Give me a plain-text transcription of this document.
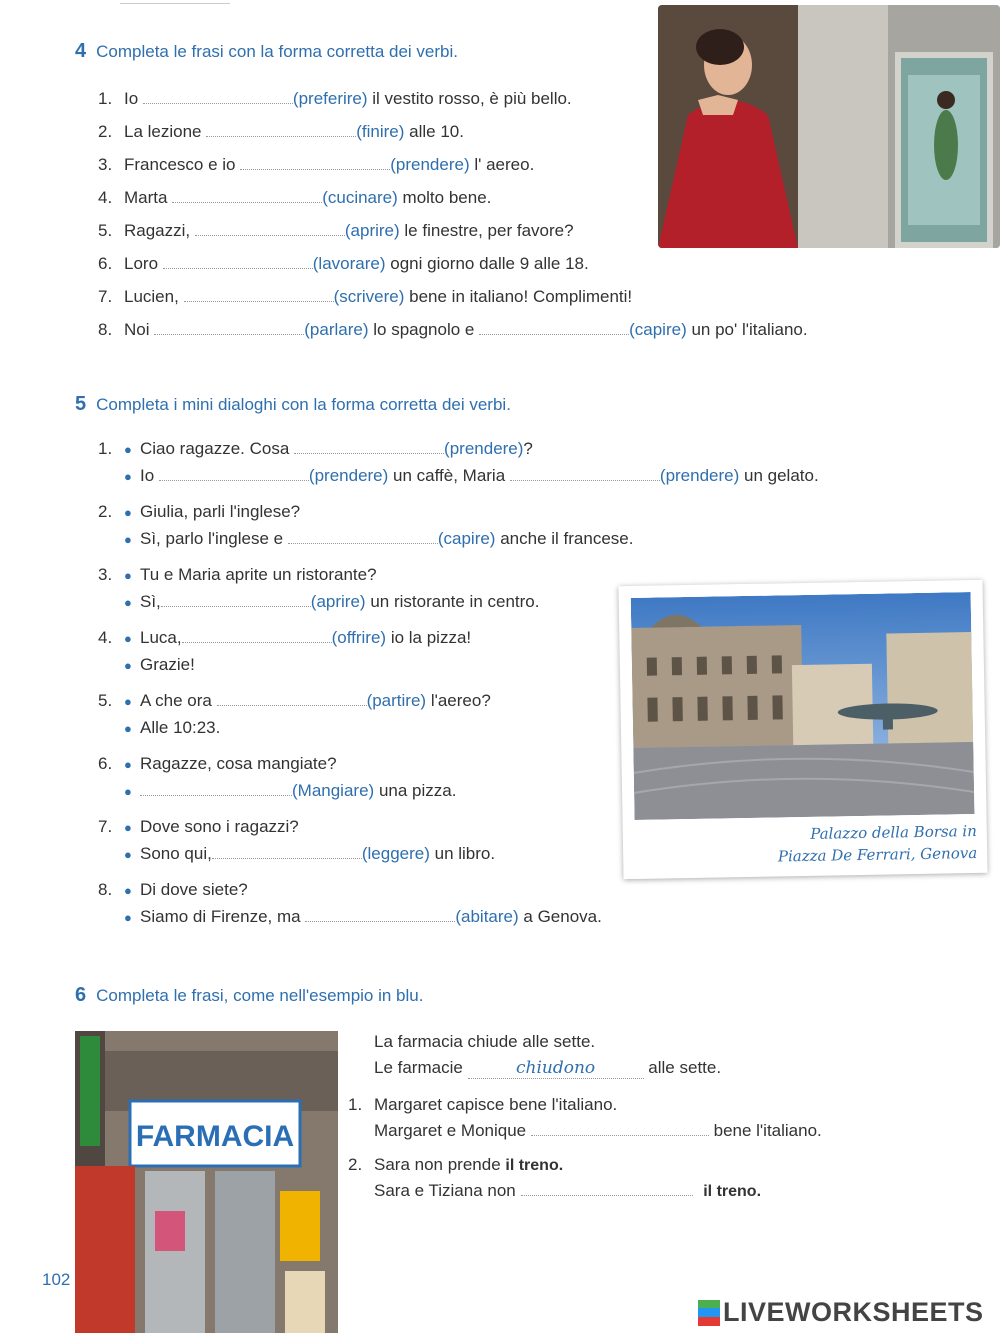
4 Completa le frasi con la forma corretta dei verbi.
1. Io	(preferire) il vestito rosso, è più bello.
2. La lezione	(finire) alle 10.
3. Francesco e io	(prendere) l' aereo.
4. Marta	(cucinare) molto bene.
5. Ragazzi,	(aprire) le finestre, per favore?
6. Loro	(lavorare) ogni giorno dalle 9 alle 18.
7. Lucien,	(scrivere) bene in italiano! Complimenti!
8. Noi	(parlare) lo spagnolo e	(capire) un po' l'italiano.
5 Completa i mini dialoghi con la forma corretta dei verbi.
1. ● Ciao ragazze. Cosa	(prendere)?
● Io	(prendere) un caffè, Maria	(prendere) un gelato.
2. ● Giulia, parli l'inglese?
● Sì, parlo l'inglese e	(capire) anche il francese.
3. ● Tu e Maria aprite un ristorante?
● Sì,	(aprire) un ristorante in centro.
4. ● Luca,	(offrire) io la pizza!
● Grazie!
5. ● A che ora	(partire) l'aereo?
● Alle 10:23.
6. ● Ragazze, cosa mangiate?
●	(Mangiare) una pizza.
7. ● Dove sono i ragazzi?
● Sono qui,	(leggere) un libro.
8. ● Di dove siete?
● Siamo di Firenze, ma	(abitare) a Genova.
Palazzo della Borsa in
Piazza De Ferrari, Genova
6 Completa le frasi, come nell'esempio in blu.
FARMACIA
La farmacia chiude alle sette.
Le farmacie	chiudono	alle sette.
1. Margaret capisce bene l'italiano.
Margaret e Monique	bene l'italiano.
2. Sara non prende il treno.
Sara e Tiziana non	il treno.
102
LIVEWORKSHEETS
